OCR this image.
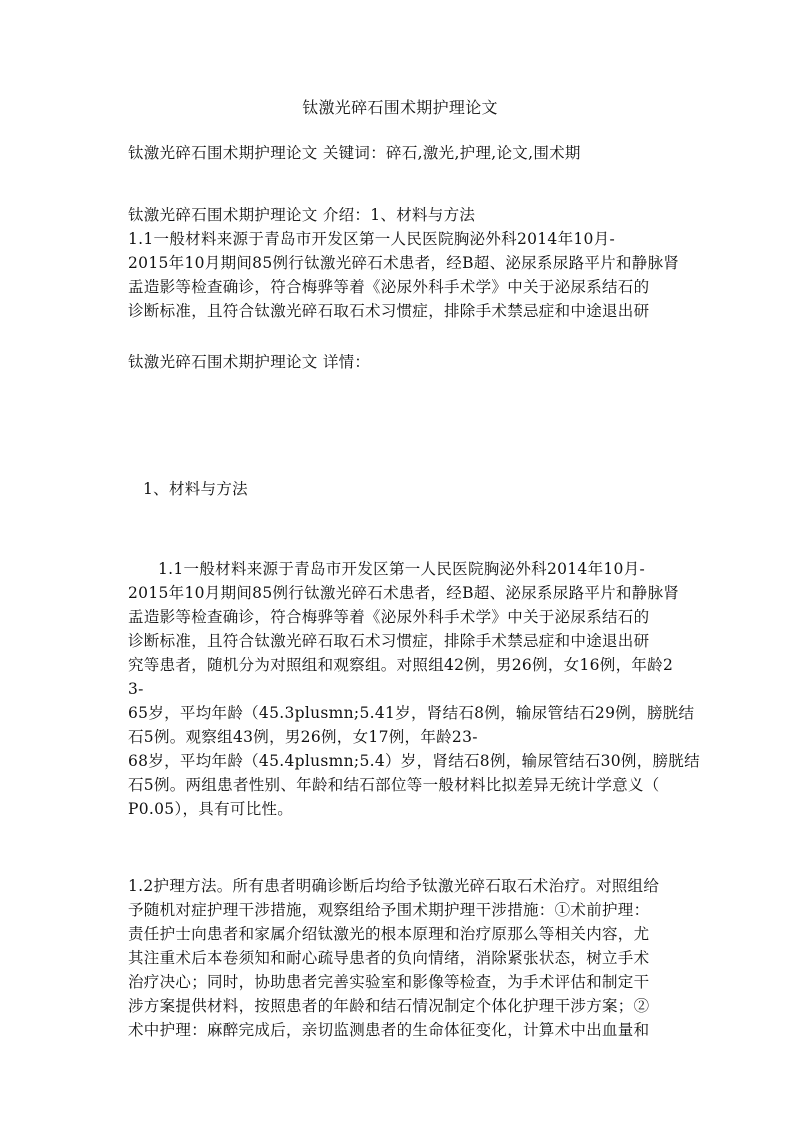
钛激光碎石围术期护理论文

钛激光碎石围术期护理论文 关键词：碎石,激光,护理,论文,围术期

钛激光碎石围术期护理论文 介绍：1、材料与方法

1.1一般材料来源于青岛市开发区第一人民医院胸泌外科2014年10月-

2015年10月期间85例行钛激光碎石术患者，经B超、泌尿系尿路平片和静脉肾

盂造影等检查确诊，符合梅骅等着《泌尿外科手术学》中关于泌尿系结石的

诊断标准，且符合钛激光碎石取石术习惯症，排除手术禁忌症和中途退出研

钛激光碎石围术期护理论文 详情：

1、材料与方法

1.1一般材料来源于青岛市开发区第一人民医院胸泌外科2014年10月-

2015年10月期间85例行钛激光碎石术患者，经B超、泌尿系尿路平片和静脉肾

盂造影等检查确诊，符合梅骅等着《泌尿外科手术学》中关于泌尿系结石的

诊断标准，且符合钛激光碎石取石术习惯症，排除手术禁忌症和中途退出研

究等患者，随机分为对照组和观察组。对照组42例，男26例，女16例，年龄2

3-

65岁，平均年龄（45.3plusmn;5.41岁，肾结石8例，输尿管结石29例，膀胱结

石5例。观察组43例，男26例，女17例，年龄23-

68岁，平均年龄（45.4plusmn;5.4）岁，肾结石8例，输尿管结石30例，膀胱结

石5例。两组患者性别、年龄和结石部位等一般材料比拟差异无统计学意义（

P0.05），具有可比性。

1.2护理方法。所有患者明确诊断后均给予钛激光碎石取石术治疗。对照组给

予随机对症护理干涉措施，观察组给予围术期护理干涉措施：①术前护理：

责任护士向患者和家属介绍钛激光的根本原理和治疗原那么等相关内容，尤

其注重术后本卷须知和耐心疏导患者的负向情绪，消除紧张状态，树立手术

治疗决心；同时，协助患者完善实验室和影像等检查，为手术评估和制定干

涉方案提供材料，按照患者的年龄和结石情况制定个体化护理干涉方案；②

术中护理：麻醉完成后，亲切监测患者的生命体征变化，计算术中出血量和
